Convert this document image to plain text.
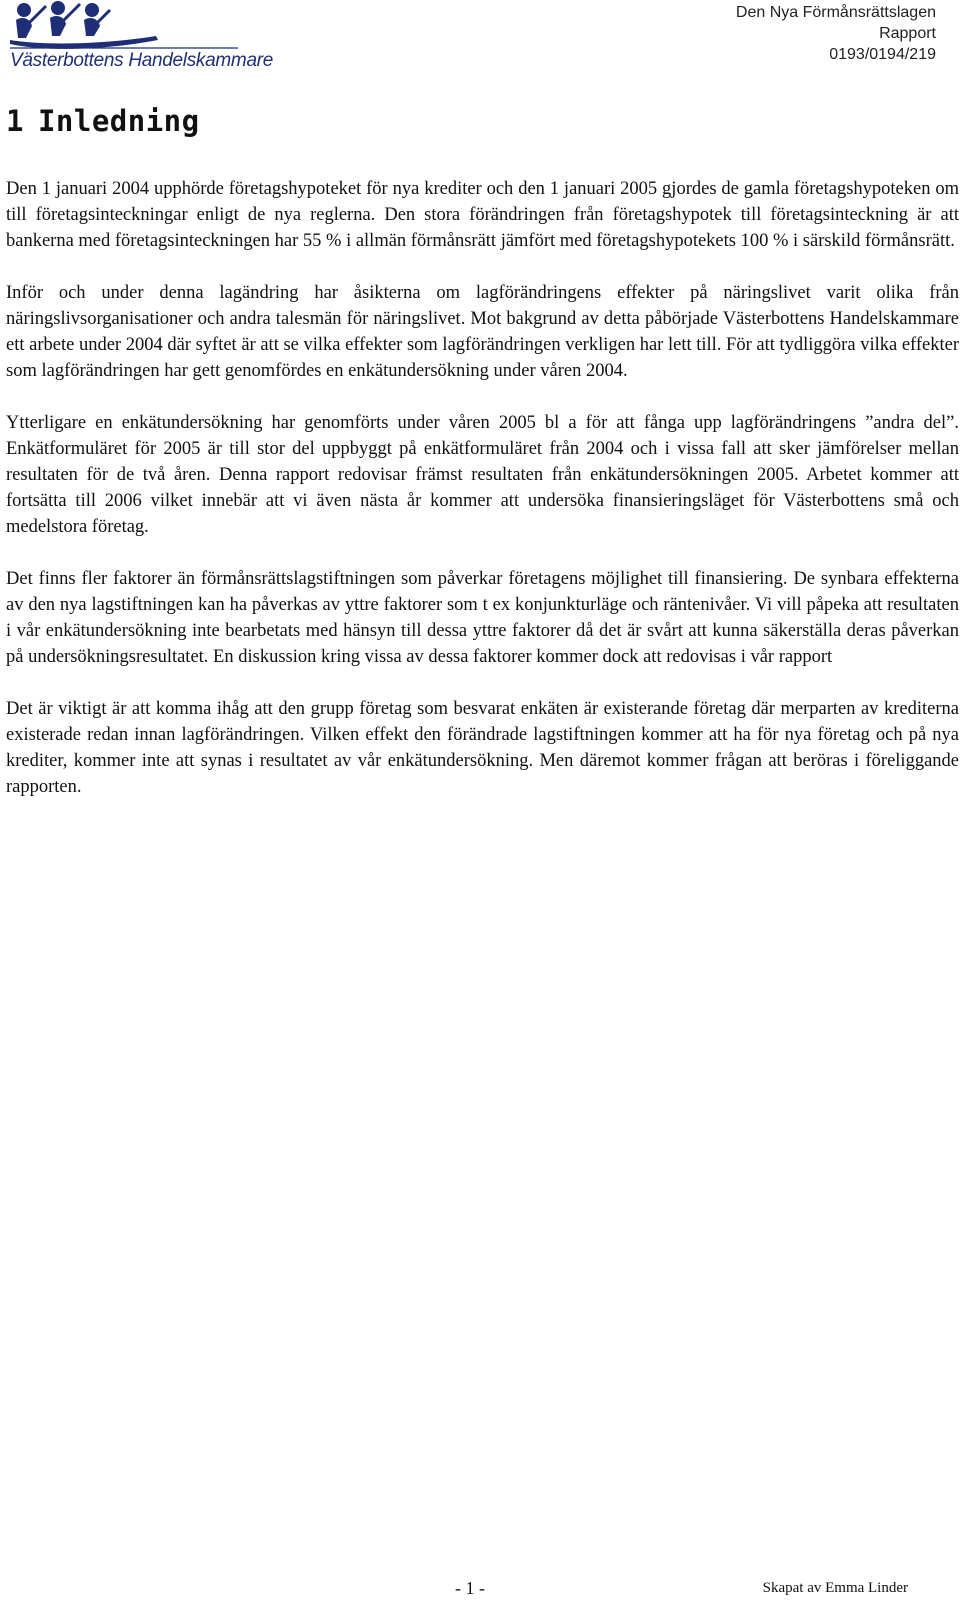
Västerbottens Handelskammare
Den Nya Förmånsrättslagen
Rapport
0193/0194/219
1 Inledning

Den 1 januari 2004 upphörde företagshypoteket för nya krediter och den 1 januari 2005 gjordes de gamla företagshypoteken om till företagsinteckningar enligt de nya reglerna. Den stora förändringen från företagshypotek till företagsinteckning är att bankerna med företagsinteckningen har 55 % i allmän förmånsrätt jämfört med företagshypotekets 100 % i särskild förmånsrätt.

Inför och under denna lagändring har åsikterna om lagförändringens effekter på näringslivet varit olika från näringslivsorganisationer och andra talesmän för näringslivet. Mot bakgrund av detta påbörjade Västerbottens Handelskammare ett arbete under 2004 där syftet är att se vilka effekter som lagförändringen verkligen har lett till. För att tydliggöra vilka effekter som lagförändringen har gett genomfördes en enkätundersökning under våren 2004.

Ytterligare en enkätundersökning har genomförts under våren 2005 bl a för att fånga upp lagförändringens ”andra del”. Enkätformuläret för 2005 är till stor del uppbyggt på enkätformuläret från 2004 och i vissa fall att sker jämförelser mellan resultaten för de två åren. Denna rapport redovisar främst resultaten från enkätundersökningen 2005. Arbetet kommer att fortsätta till 2006 vilket innebär att vi även nästa år kommer att undersöka finansieringsläget för Västerbottens små och medelstora företag.

Det finns fler faktorer än förmånsrättslagstiftningen som påverkar företagens möjlighet till finansiering. De synbara effekterna av den nya lagstiftningen kan ha påverkas av yttre faktorer som t ex konjunkturläge och räntenivåer. Vi vill påpeka att resultaten i vår enkätundersökning inte bearbetats med hänsyn till dessa yttre faktorer då det är svårt att kunna säkerställa deras påverkan på undersökningsresultatet. En diskussion kring vissa av dessa faktorer kommer dock att redovisas i vår rapport

Det är viktigt är att komma ihåg att den grupp företag som besvarat enkäten är existerande företag där merparten av krediterna existerade redan innan lagförändringen. Vilken effekt den förändrade lagstiftningen kommer att ha för nya företag och på nya krediter, kommer inte att synas i resultatet av vår enkätundersökning. Men däremot kommer frågan att beröras i föreliggande rapporten.

- 1 -	Skapat av Emma Linder
